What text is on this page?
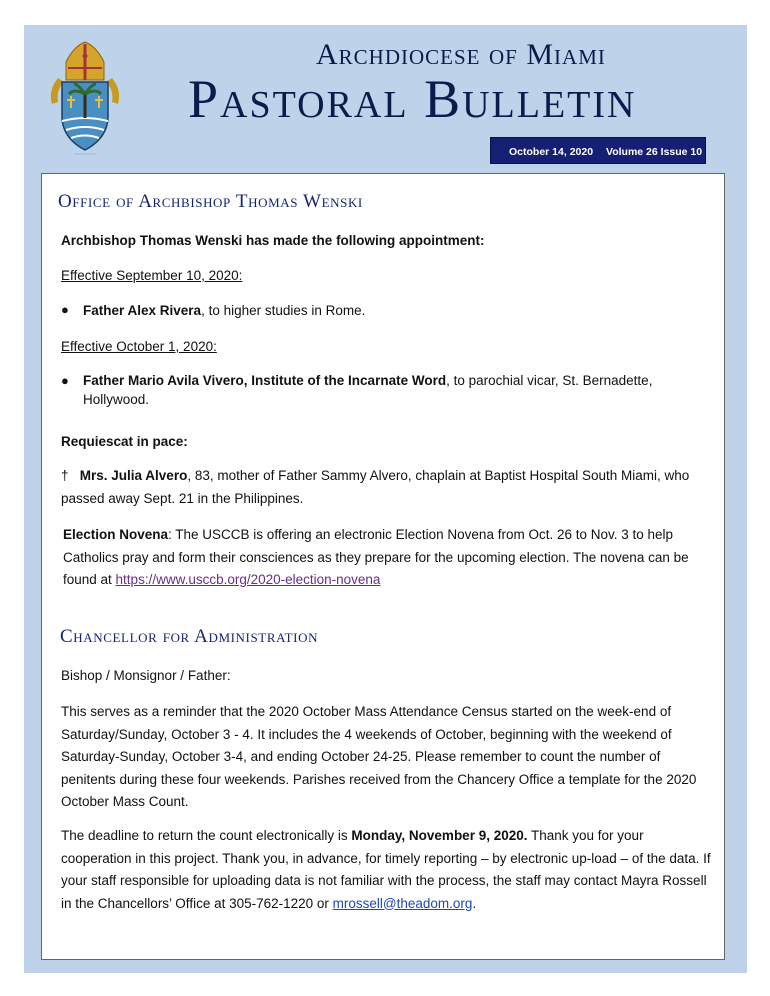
Archdiocese of Miami
Pastoral Bulletin
October 14, 2020 Volume 26 Issue 10
Office of Archbishop Thomas Wenski
Archbishop Thomas Wenski has made the following appointment:
Effective September 10, 2020:
● Father Alex Rivera, to higher studies in Rome.
Effective October 1, 2020:
● Father Mario Avila Vivero, Institute of the Incarnate Word, to parochial vicar, St. Bernadette, Hollywood.
Requiescat in pace:
† Mrs. Julia Alvero, 83, mother of Father Sammy Alvero, chaplain at Baptist Hospital South Miami, who passed away Sept. 21 in the Philippines.
Election Novena: The USCCB is offering an electronic Election Novena from Oct. 26 to Nov. 3 to help Catholics pray and form their consciences as they prepare for the upcoming election. The novena can be found at https://www.usccb.org/2020-election-novena
Chancellor for Administration
Bishop / Monsignor / Father:
This serves as a reminder that the 2020 October Mass Attendance Census started on the week-end of Saturday/Sunday, October 3 - 4. It includes the 4 weekends of October, beginning with the weekend of Saturday-Sunday, October 3-4, and ending October 24-25. Please remember to count the number of penitents during these four weekends. Parishes received from the Chancery Office a template for the 2020 October Mass Count.
The deadline to return the count electronically is Monday, November 9, 2020. Thank you for your cooperation in this project. Thank you, in advance, for timely reporting – by electronic up-load – of the data. If your staff responsible for uploading data is not familiar with the process, the staff may contact Mayra Rossell in the Chancellors’ Office at 305-762-1220 or mrossell@theadom.org.
